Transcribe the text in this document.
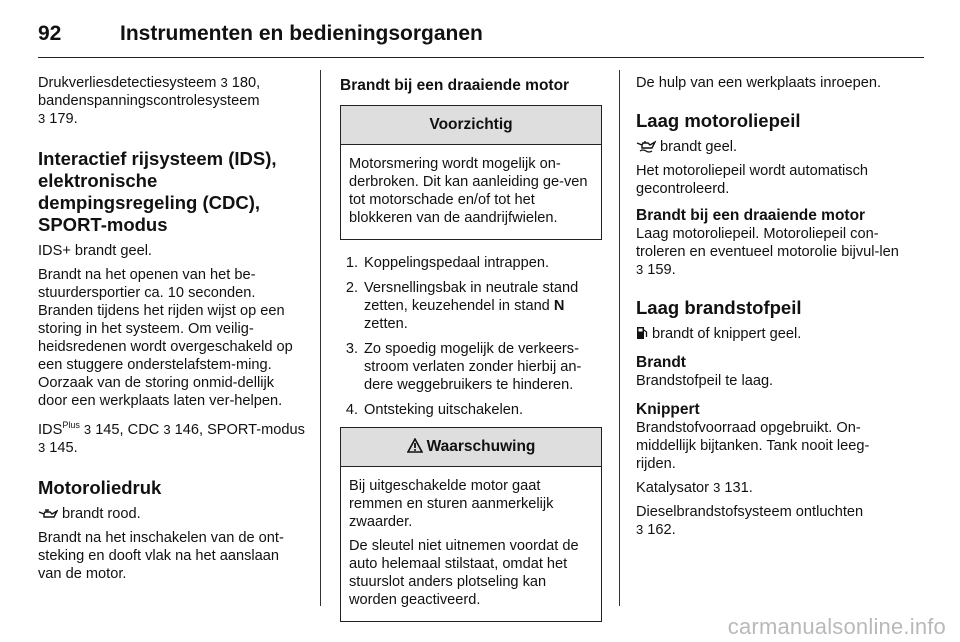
92	Instrumenten en bedieningsorganen
Drukverliesdetectiesysteem 3 180,
bandenspanningscontrolesysteem
3 179.
Interactief rijsysteem (IDS), elektronische dempingsregeling (CDC), SPORT-modus
IDS+ brandt geel.
Brandt na het openen van het be-stuurdersportier ca. 10 seconden. Branden tijdens het rijden wijst op een storing in het systeem. Om veilig-heidsredenen wordt overgeschakeld op een stuggere onderstelafstem-ming. Oorzaak van de storing onmid-dellijk door een werkplaats laten ver-helpen.
$IDS^{Plus}$ 3 145, CDC 3 146, SPORT-modus 3 145.
Motoroliedruk
brandt rood.
Brandt na het inschakelen van de ont-steking en dooft vlak na het aanslaan van de motor.
Brandt bij een draaiende motor
Voorzichtig
Motorsmering wordt mogelijk on-derbroken. Dit kan aanleiding ge-ven tot motorschade en/of tot het blokkeren van de aandrijfwielen.
1. Koppelingspedaal intrappen.
2. Versnellingsbak in neutrale stand zetten, keuzehendel in stand N zetten.
3. Zo spoedig mogelijk de verkeers-stroom verlaten zonder hierbij an-dere weggebruikers te hinderen.
4. Ontsteking uitschakelen.
Waarschuwing
Bij uitgeschakelde motor gaat remmen en sturen aanmerkelijk zwaarder.
De sleutel niet uitnemen voordat de auto helemaal stilstaat, omdat het stuurslot anders plotseling kan worden geactiveerd.
De hulp van een werkplaats inroepen.
Laag motoroliepeil
brandt geel.
Het motoroliepeil wordt automatisch gecontroleerd.
Brandt bij een draaiende motor
Laag motoroliepeil. Motoroliepeil con-troleren en eventueel motorolie bijvul-len 3 159.
Laag brandstofpeil
brandt of knippert geel.
Brandt
Brandstofpeil te laag.
Knippert
Brandstofvoorraad opgebruikt. On-middellijk bijtanken. Tank nooit leeg-rijden.
Katalysator 3 131.
Dieselbrandstofsysteem ontluchten
3 162.
carmanualsonline.info
